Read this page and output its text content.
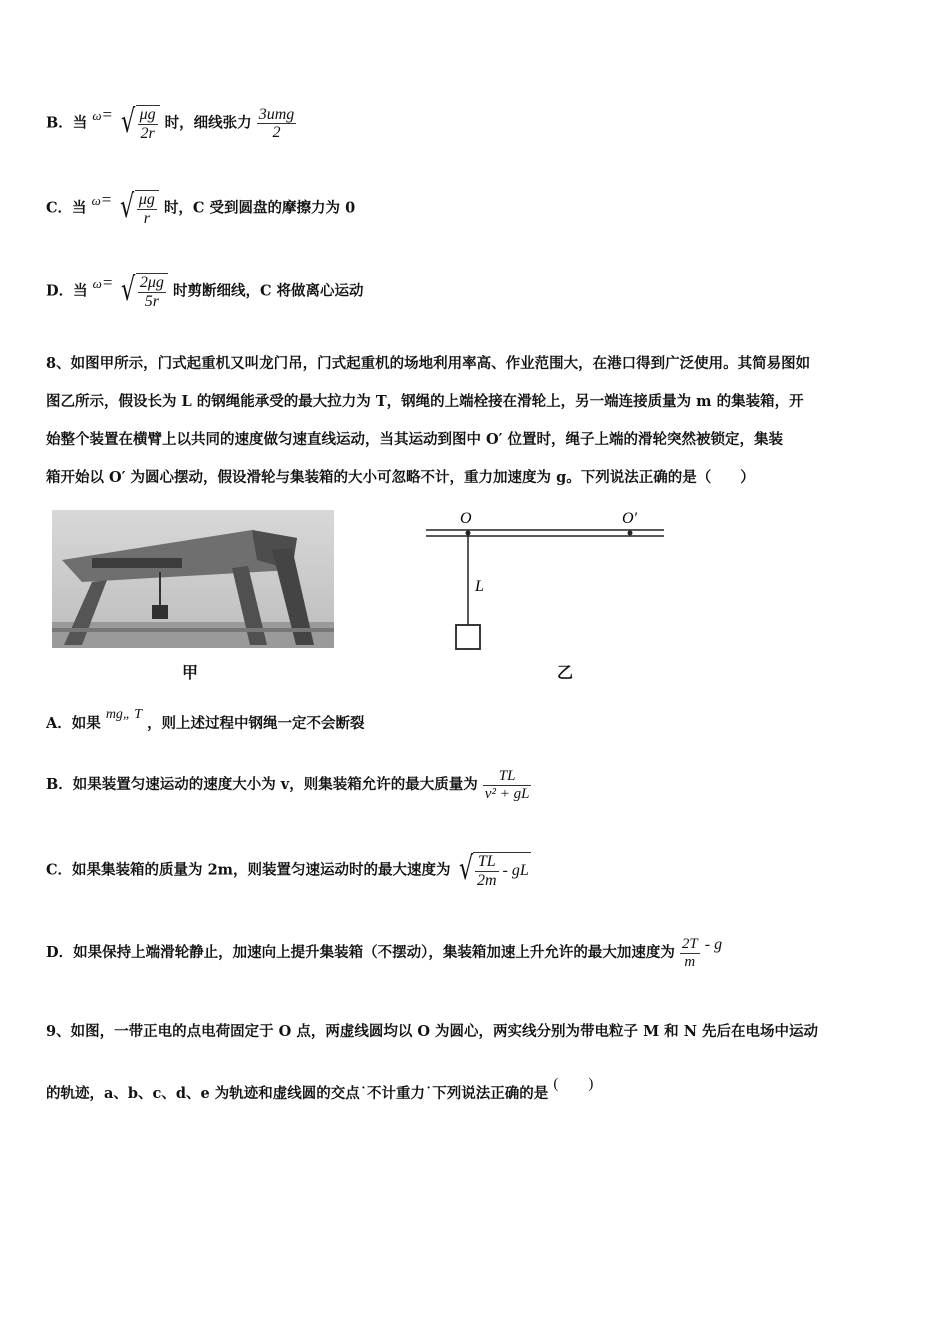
B．当 ω= √ $\frac{\mu g}{2r}$ 时，细线张力 $\frac{\text{3umg}}{2}$
C．当 ω= √ $\frac{\mu g}{r}$ 时，C 受到圆盘的摩擦力为 0
D．当 ω= √ $\frac{2\mu g}{5r}$ 时剪断细线，C 将做离心运动
8、如图甲所示，门式起重机又叫龙门吊，门式起重机的场地利用率高、作业范围大，在港口得到广泛使用。其简易图如
图乙所示，假设长为 L 的钢绳能承受的最大拉力为 T，钢绳的上端栓接在滑轮上，另一端连接质量为 m 的集装箱，开
始整个装置在横臂上以共同的速度做匀速直线运动，当其运动到图中 O′ 位置时，绳子上端的滑轮突然被锁定，集装
箱开始以 O′ 为圆心摆动，假设滑轮与集装箱的大小可忽略不计，重力加速度为 g。下列说法正确的是（　　）
甲
O	O′
L
乙
A．如果 mg„ T ，则上述过程中钢绳一定不会断裂
B．如果装置匀速运动的速度大小为 v，则集装箱允许的最大质量为 $\frac{TL}{\text{v² + gL}}$
C．如果集装箱的质量为 2m，则装置匀速运动时的最大速度为 √ $\frac{TL}{2m}$ - gL
D．如果保持上端滑轮静止，加速向上提升集装箱（不摆动），集装箱加速上升允许的最大加速度为 $\frac{2T}{m}$ - g
9、如图，一带正电的点电荷固定于 O 点，两虚线圆均以 O 为圆心，两实线分别为带电粒子 M 和 N 先后在电场中运动
的轨迹，a、b、c、d、e 为轨迹和虚线圆的交点˙不计重力˙下列说法正确的是 (　　)
